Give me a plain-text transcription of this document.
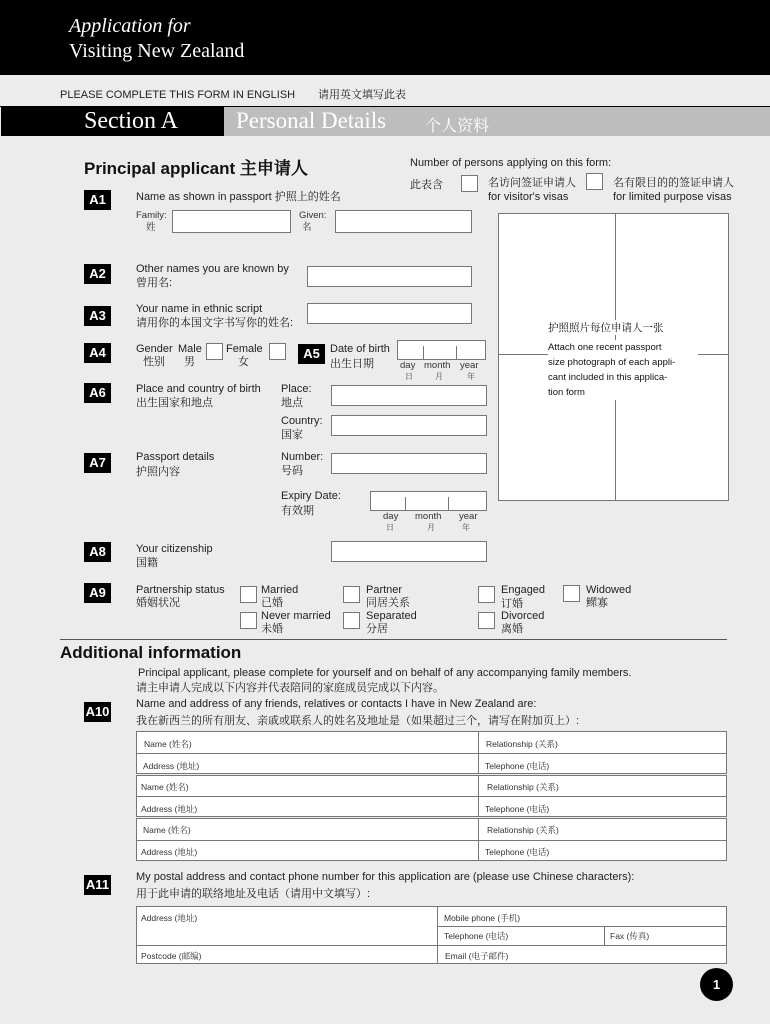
Application for
Visiting New Zealand
PLEASE COMPLETE THIS FORM IN ENGLISH 请用英文填写此表
Section A	Personal Details 个人资料
Principal applicant 主申请人	Number of persons applying on this form:
此表含	名访问签证申请人
for visitor's visas
名有限目的的签证申请人
for limited purpose visas
护照照片每位申请人一张
Attach one recent passport
size photograph of each appli-
cant included in this applica-
tion form
A1	Name as shown in passport 护照上的姓名
Family:
姓
Given:
名
A2	Other names you are known by
曾用名:
A3	Your name in ethnic script
请用你的本国文字书写你的姓名:
A4	Gender
性别
Male
男
Female
女
A5 Date of birth
出生日期	day month year
日	月	年
A6	Place and country of birth
出生国家和地点
Place:
地点
Country:
国家
A7	Passport details
护照内容
Number:
号码
Expiry Date:
有效期	day month year
日	月	年
A8	Your citizenship
国籍
A9	Partnership status
婚姻状况
Married
已婚
Partner
同居关系
Engaged
订婚
Widowed
鳏寡
Never married
未婚
Separated
分居
Divorced
离婚
Additional information
Principal applicant, please complete for yourself and on behalf of any accompanying family members.
请主申请人完成以下内容并代表陪同的家庭成员完成以下内容。
A10 Name and address of any friends, relatives or contacts I have in New Zealand are:
我在新西兰的所有朋友、亲戚或联系人的姓名及地址是（如果超过三个，请写在附加页上）:
Name (姓名)	Relationship (关系)
Address (地址)	Telephone (电话)
Name (姓名)	Relationship (关系)
Address (地址)	Telephone (电话)
Name (姓名)	Relationship (关系)
Address (地址)	Telephone (电话)
A11 My postal address and contact phone number for this application are (please use Chinese characters):
用于此申请的联络地址及电话（请用中文填写）:
Address (地址)	Mobile phone (手机)
Telephone (电话)	Fax (传真)
Postcode (邮编)	Email (电子邮件)
1
